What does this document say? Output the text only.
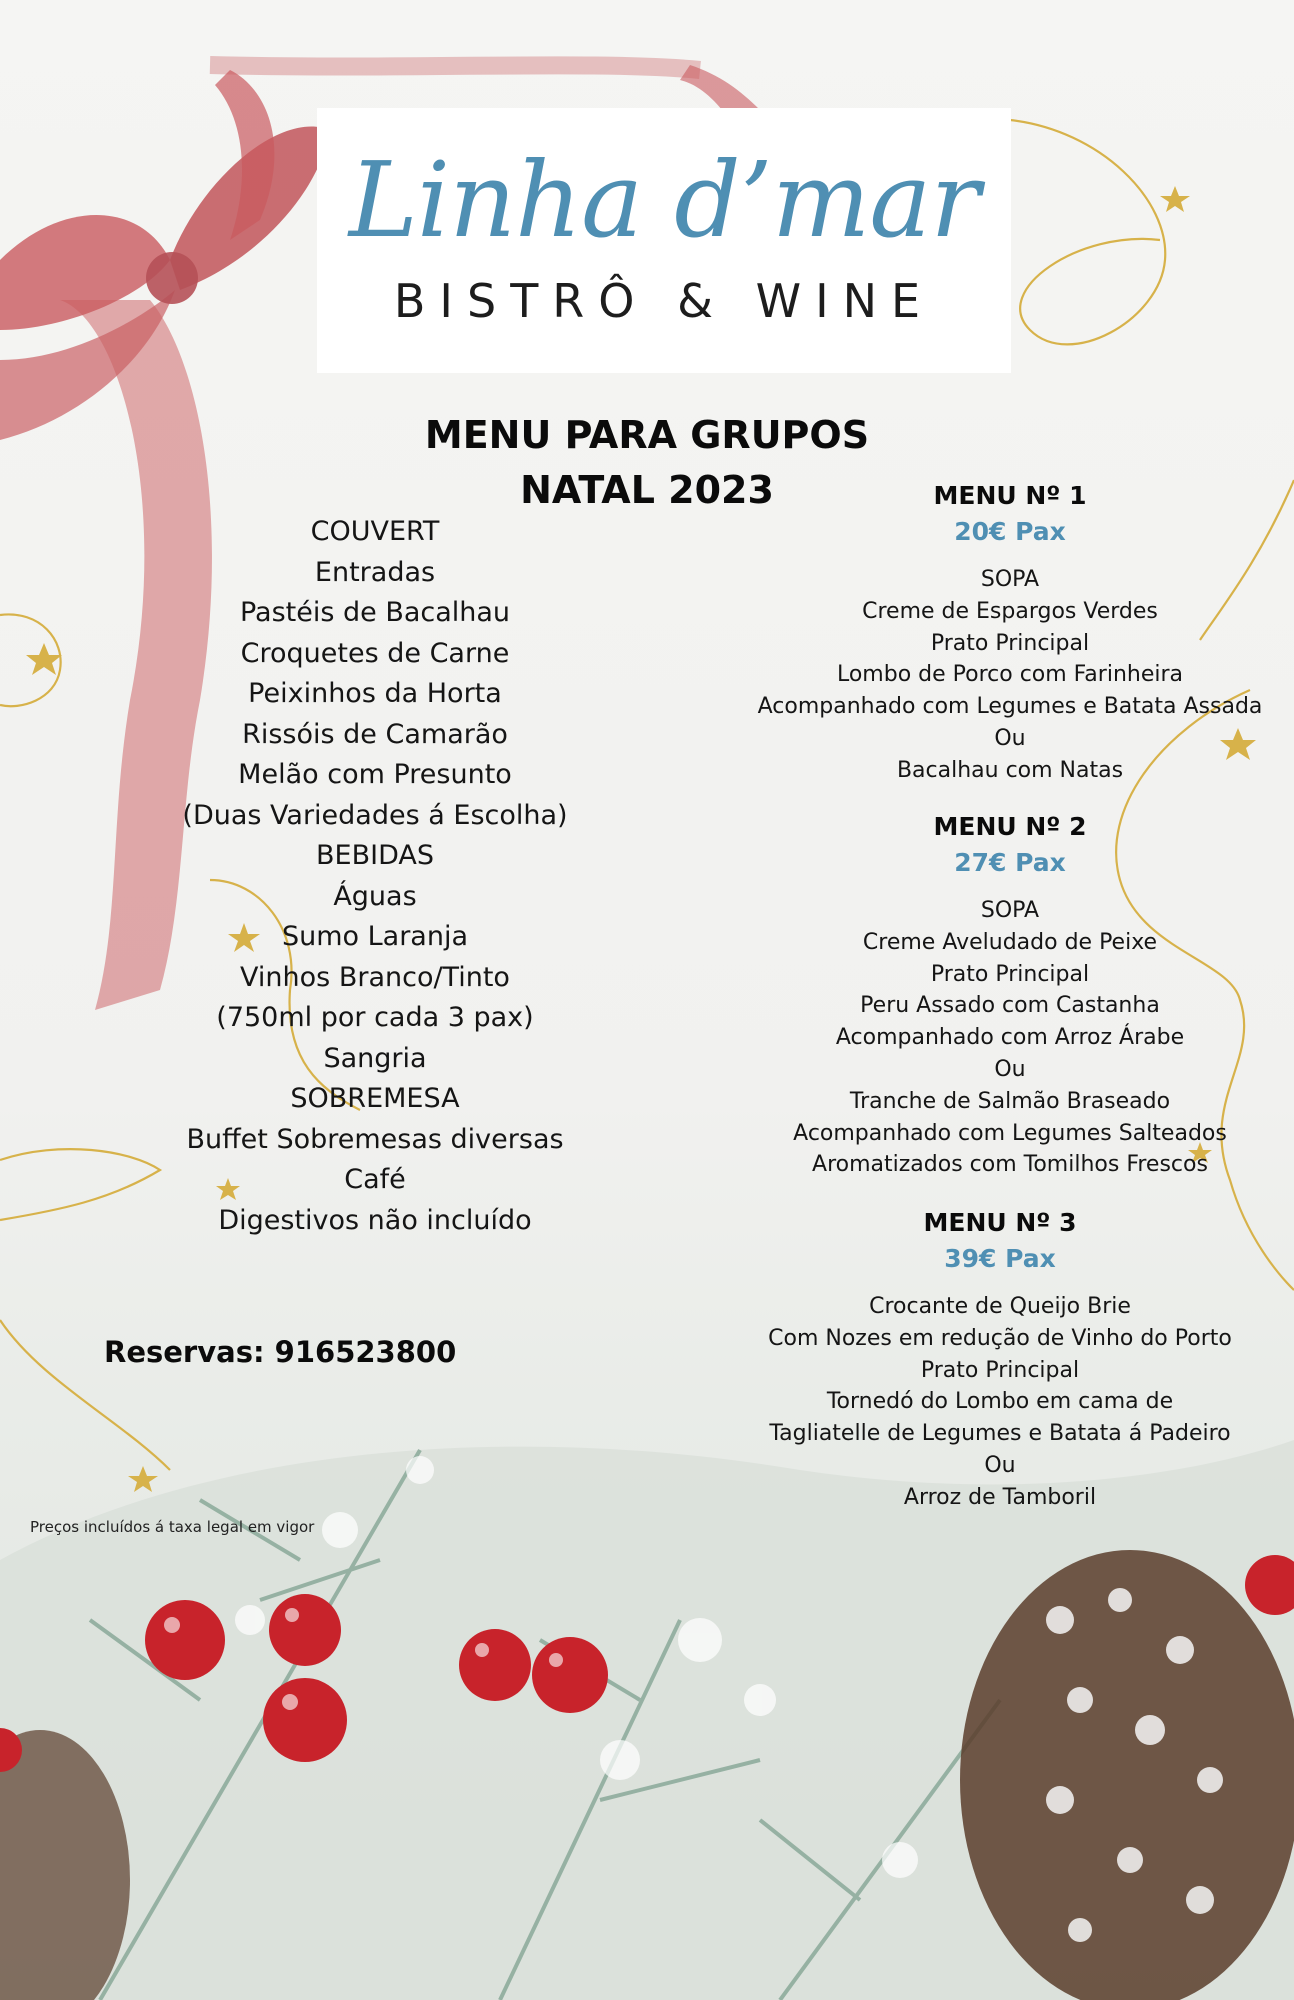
Linha d’mar
BISTRÔ & WINE
MENU PARA GRUPOS
NATAL 2023
COUVERT
Entradas
Pastéis de Bacalhau
Croquetes de Carne
Peixinhos da Horta
Rissóis de Camarão
Melão com Presunto
(Duas Variedades á Escolha)
BEBIDAS
Águas
Sumo Laranja
Vinhos Branco/Tinto
(750ml por cada 3 pax)
Sangria
SOBREMESA
Buffet Sobremesas diversas
Café
Digestivos não incluído
Reservas: 916523800
Preços incluídos á taxa legal em vigor
MENU Nº 1
20€ Pax
SOPA
Creme de Espargos Verdes
Prato Principal
Lombo de Porco com Farinheira
Acompanhado com Legumes e Batata Assada
Ou
Bacalhau com Natas
MENU Nº 2
27€ Pax
SOPA
Creme Aveludado de Peixe
Prato Principal
Peru Assado com Castanha
Acompanhado com Arroz Árabe
Ou
Tranche de Salmão Braseado
Acompanhado com Legumes Salteados
Aromatizados com Tomilhos Frescos
MENU Nº 3
39€ Pax
Crocante de Queijo Brie
Com Nozes em redução de Vinho do Porto
Prato Principal
Tornedó do Lombo em cama de
Tagliatelle de Legumes e Batata á Padeiro
Ou
Arroz de Tamboril
